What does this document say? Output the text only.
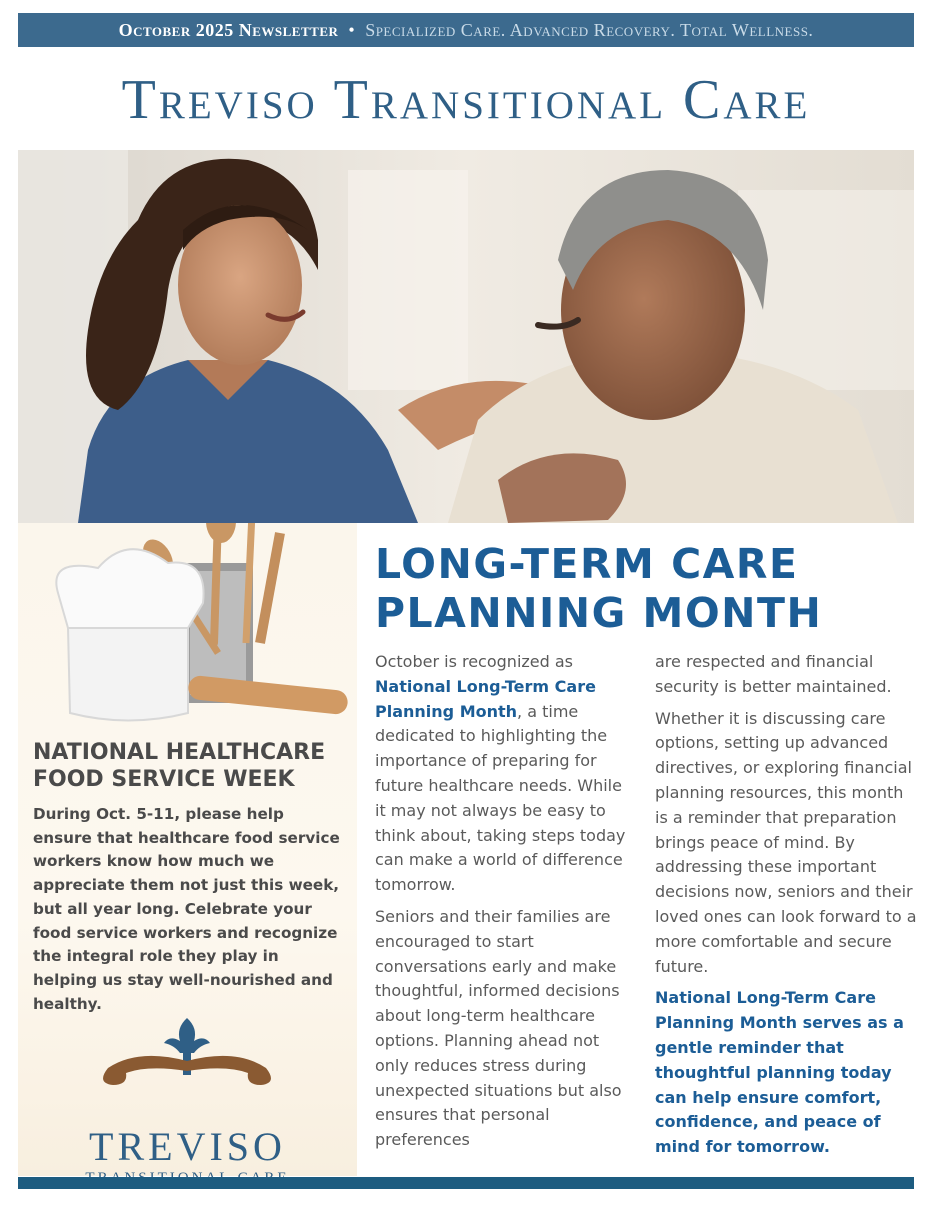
October 2025 Newsletter • Specialized Care. Advanced Recovery. Total Wellness.
Treviso Transitional Care
NATIONAL HEALTHCARE FOOD SERVICE WEEK

During Oct. 5-11, please help ensure that healthcare food service workers know how much we appreciate them not just this week, but all year long. Celebrate your food service workers and recognize the integral role they play in helping us stay well-nourished and healthy.

TREVISO
LONG-TERM CARE PLANNING MONTH

October is recognized as National Long-Term Care Planning Month, a time dedicated to highlighting the importance of preparing for future healthcare needs. While it may not always be easy to think about, taking steps today can make a world of difference tomorrow.

Seniors and their families are encouraged to start conversations early and make thoughtful, informed decisions about long-term healthcare options. Planning ahead not only reduces stress during unexpected situations but also ensures that personal preferences

are respected and financial security is better maintained.

Whether it is discussing care options, setting up advanced directives, or exploring financial planning resources, this month is a reminder that preparation brings peace of mind. By addressing these important decisions now, seniors and their loved ones can look forward to a more comfortable and secure future.

National Long-Term Care Planning Month serves as a gentle reminder that thoughtful planning today can help ensure comfort, confidence, and peace of mind for tomorrow.
